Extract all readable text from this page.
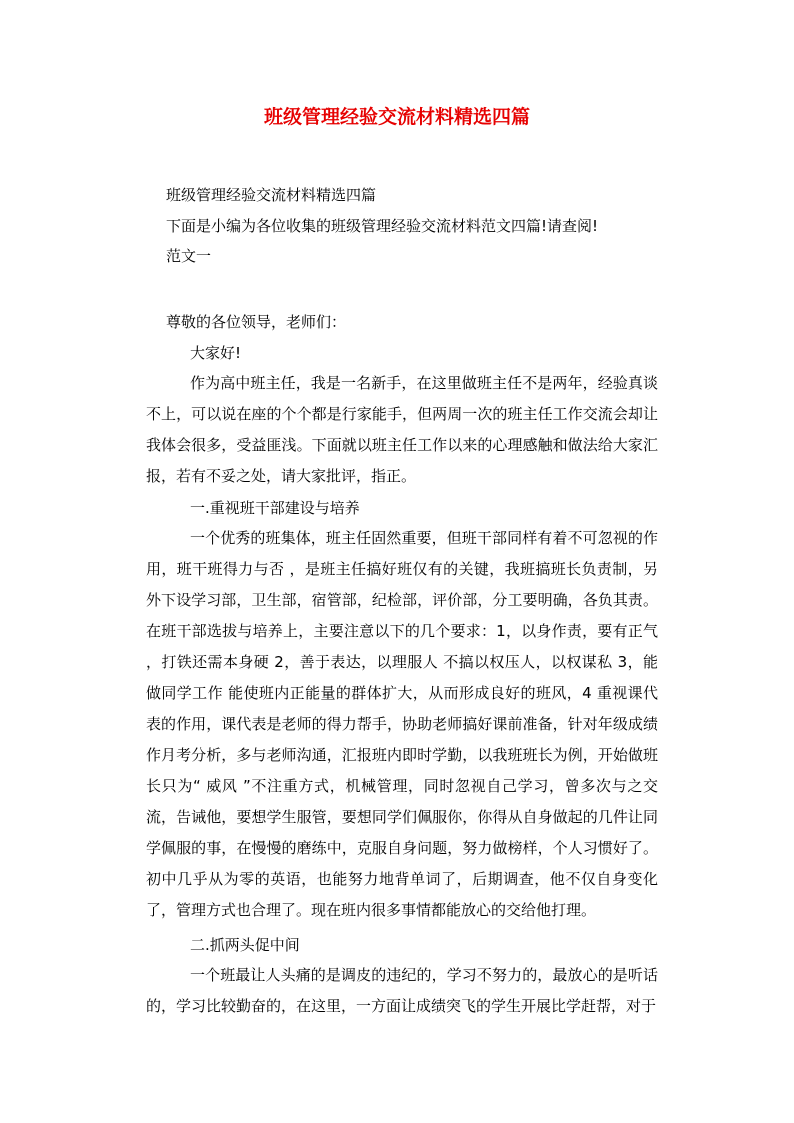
班级管理经验交流材料精选四篇
班级管理经验交流材料精选四篇
下面是小编为各位收集的班级管理经验交流材料范文四篇!请查阅!
范文一
尊敬的各位领导，老师们：
大家好!

作为高中班主任，我是一名新手，在这里做班主任不是两年，经验真谈不上，可以说在座的个个都是行家能手，但两周一次的班主任工作交流会却让我体会很多，受益匪浅。下面就以班主任工作以来的心理感触和做法给大家汇报，若有不妥之处，请大家批评，指正。

一.重视班干部建设与培养

一个优秀的班集体，班主任固然重要，但班干部同样有着不可忽视的作用，班干班得力与否 ，是班主任搞好班仅有的关键，我班搞班长负责制，另外下设学习部，卫生部，宿管部，纪检部，评价部，分工要明确，各负其责。在班干部选拔与培养上，主要注意以下的几个要求：1，以身作责，要有正气 ，打铁还需本身硬 2，善于表达，以理服人 不搞以权压人，以权谋私 3，能做同学工作 能使班内正能量的群体扩大，从而形成良好的班风，4 重视课代表的作用，课代表是老师的得力帮手，协助老师搞好课前准备，针对年级成绩作月考分析，多与老师沟通，汇报班内即时学勤，以我班班长为例，开始做班长只为“ 威风 ”不注重方式，机械管理，同时忽视自己学习，曾多次与之交流，告诫他，要想学生服管，要想同学们佩服你，你得从自身做起的几件让同学佩服的事，在慢慢的磨练中，克服自身问题，努力做榜样，个人习惯好了。初中几乎从为零的英语，也能努力地背单词了，后期调查，他不仅自身变化了，管理方式也合理了。现在班内很多事情都能放心的交给他打理。

二.抓两头促中间

一个班最让人头痛的是调皮的违纪的，学习不努力的，最放心的是听话的，学习比较勤奋的，在这里，一方面让成绩突飞的学生开展比学赶帮，对于
